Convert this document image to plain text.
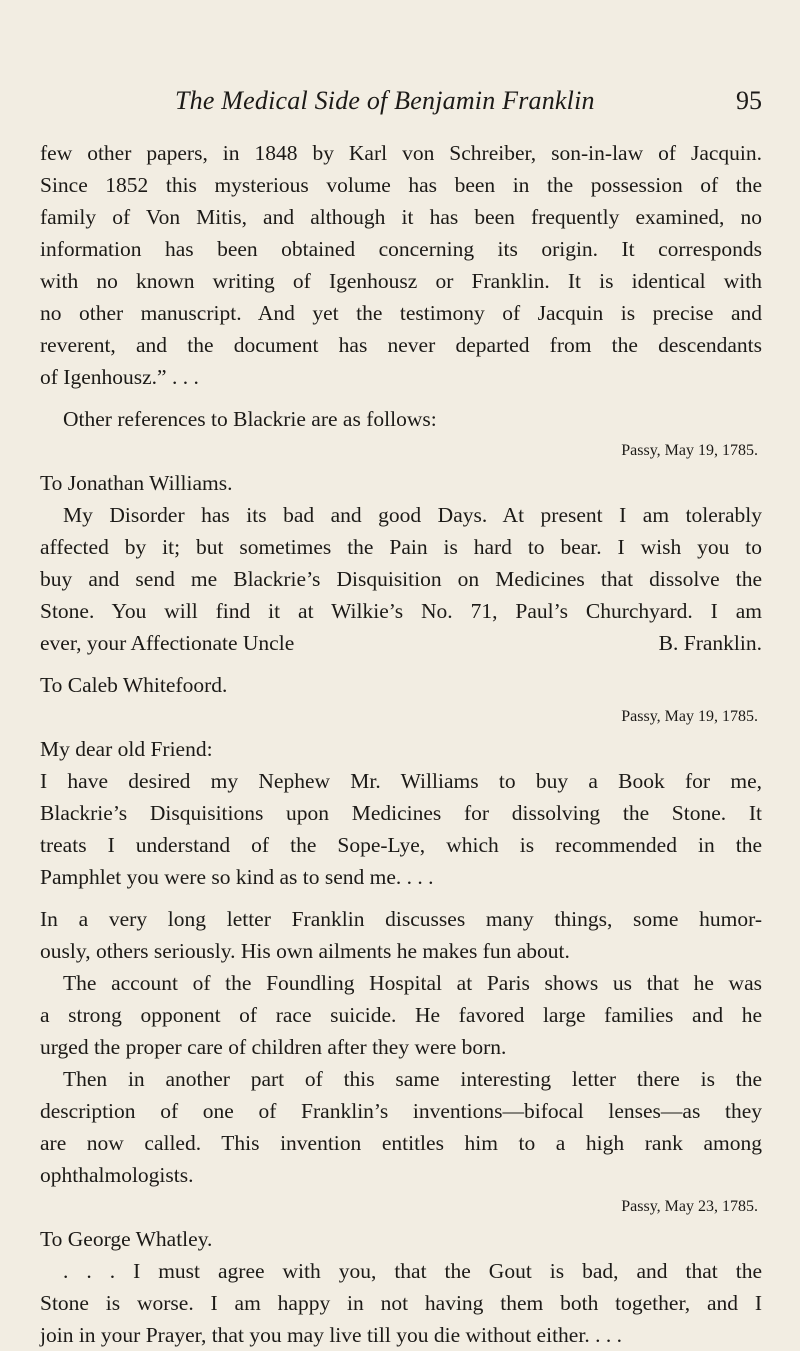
The Medical Side of Benjamin Franklin	95
few other papers, in 1848 by Karl von Schreiber, son-in-law of Jacquin.
Since 1852 this mysterious volume has been in the possession of the
family of Von Mitis, and although it has been frequently examined, no
information has been obtained concerning its origin. It corresponds
with no known writing of Igenhousz or Franklin. It is identical with
no other manuscript. And yet the testimony of Jacquin is precise and
reverent, and the document has never departed from the descendants
of Igenhousz.” . . .
Other references to Blackrie are as follows:
Passy, May 19, 1785.
To Jonathan Williams.
My Disorder has its bad and good Days. At present I am tolerably
affected by it; but sometimes the Pain is hard to bear. I wish you to
buy and send me Blackrie’s Disquisition on Medicines that dissolve the
Stone. You will find it at Wilkie’s No. 71, Paul’s Churchyard. I am
ever, your Affectionate Uncle	B. Franklin.
To Caleb Whitefoord.
Passy, May 19, 1785.
My dear old Friend:
I have desired my Nephew Mr. Williams to buy a Book for me,
Blackrie’s Disquisitions upon Medicines for dissolving the Stone. It
treats I understand of the Sope-Lye, which is recommended in the
Pamphlet you were so kind as to send me. . . .
In a very long letter Franklin discusses many things, some humor-
ously, others seriously. His own ailments he makes fun about.
The account of the Foundling Hospital at Paris shows us that he was
a strong opponent of race suicide. He favored large families and he
urged the proper care of children after they were born.
Then in another part of this same interesting letter there is the
description of one of Franklin’s inventions—bifocal lenses—as they
are now called. This invention entitles him to a high rank among
ophthalmologists.
Passy, May 23, 1785.
To George Whatley.
. . . I must agree with you, that the Gout is bad, and that the
Stone is worse. I am happy in not having them both together, and I
join in your Prayer, that you may live till you die without either. . . .
